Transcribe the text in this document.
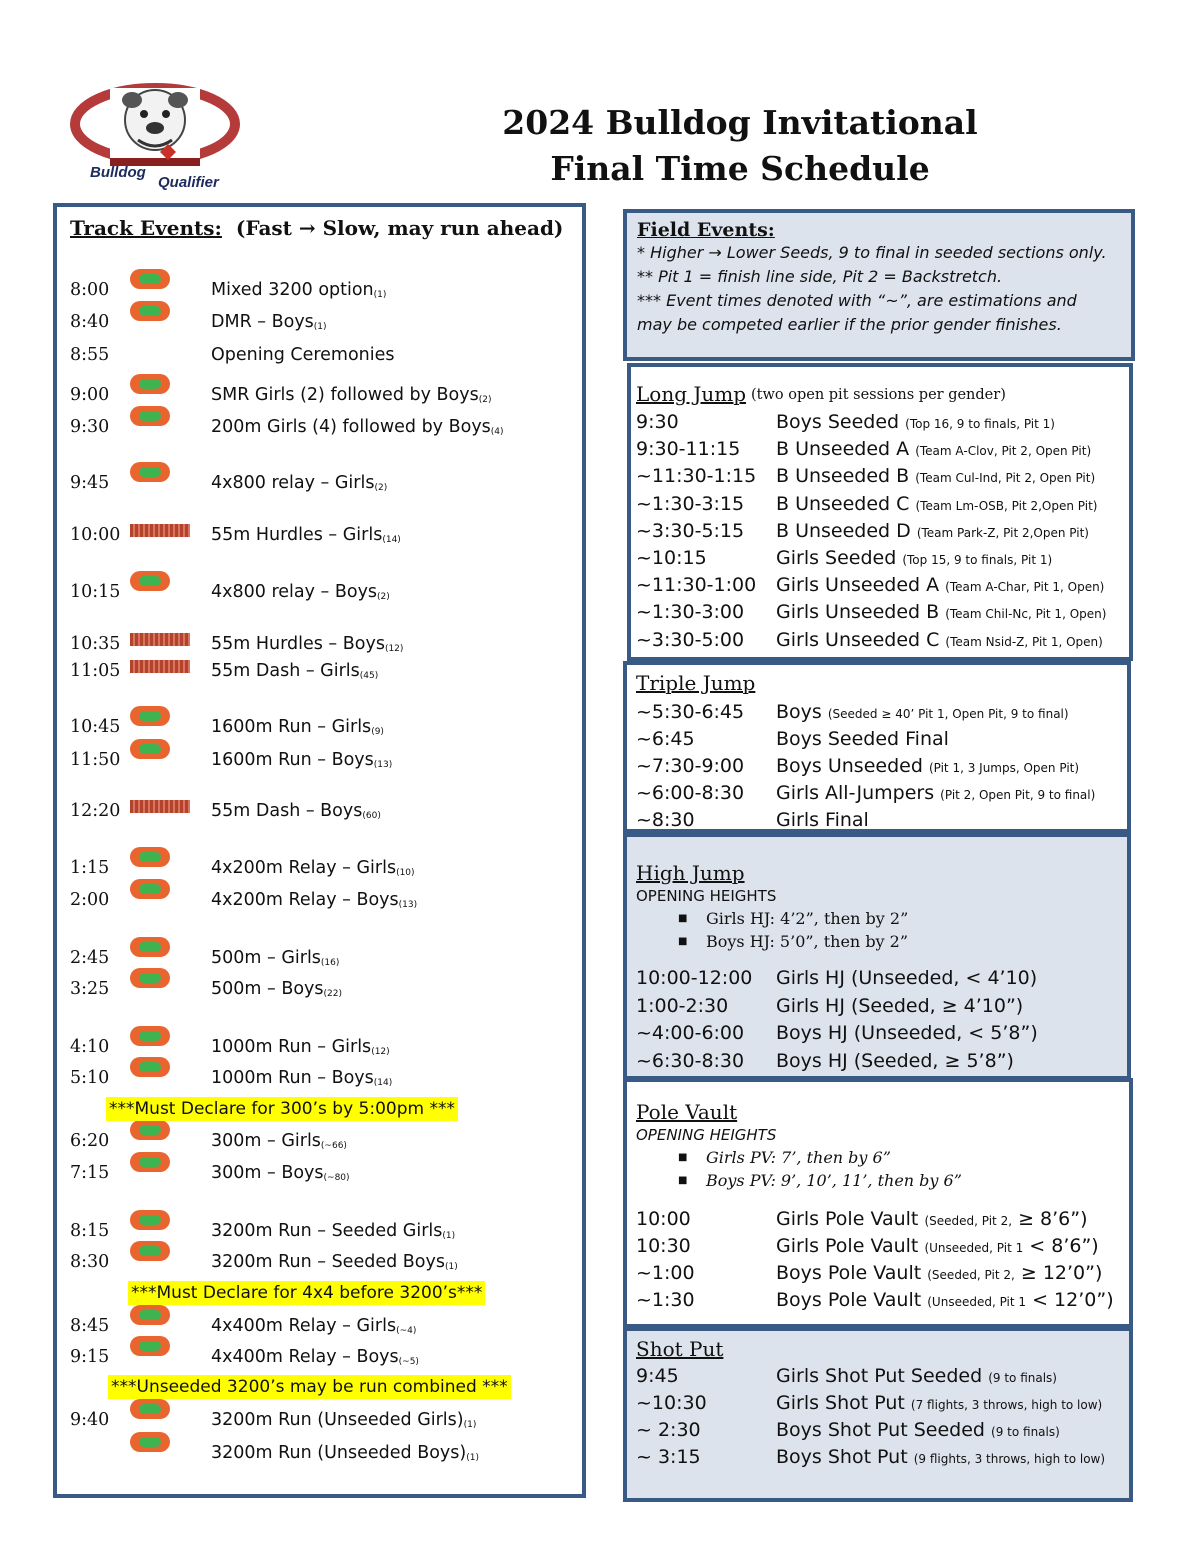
Bulldog
Qualifier
2024 Bulldog Invitational
Final Time Schedule
Track Events: (Fast → Slow, may run ahead)
8:00	Mixed 3200 option$_{(1)}$
8:40	DMR – Boys$_{(1)}$
8:55	Opening Ceremonies
9:00	SMR Girls (2) followed by Boys$_{(2)}$
9:30	200m Girls (4) followed by Boys$_{(4)}$
9:45	4x800 relay – Girls$_{(2)}$
10:00	55m Hurdles – Girls$_{(14)}$
10:15	4x800 relay – Boys$_{(2)}$
10:35	55m Hurdles – Boys$_{(12)}$
11:05	55m Dash – Girls$_{(45)}$
10:45	1600m Run – Girls$_{(9)}$
11:50	1600m Run – Boys$_{(13)}$
12:20	55m Dash – Boys$_{(60)}$
1:15	4x200m Relay – Girls$_{(10)}$
2:00	4x200m Relay – Boys$_{(13)}$
2:45	500m – Girls$_{(16)}$
3:25	500m – Boys$_{(22)}$
4:10	1000m Run – Girls$_{(12)}$
5:10	1000m Run – Boys$_{(14)}$
6:20	300m – Girls$_{(\sim 66)}$
7:15	300m – Boys$_{(\sim 80)}$
8:15	3200m Run – Seeded Girls$_{(1)}$
8:30	3200m Run – Seeded Boys$_{(1)}$
8:45	4x400m Relay – Girls$_{(\sim 4)}$
9:15	4x400m Relay – Boys$_{(\sim 5)}$
9:40	3200m Run (Unseeded $Girls)_{(1)}$
3200m Run (Unseeded $Boys)_{(1)}$
***Must Declare for 300’s by 5:00pm ***
***Must Declare for 4x4 before 3200’s***
***Unseeded 3200’s may be run combined ***
Field Events:
* Higher → Lower Seeds, 9 to final in seeded sections only.
** Pit 1 = finish line side, Pit 2 = Backstretch.
*** Event times denoted with “~”, are estimations and
may be competed earlier if the prior gender finishes.
Long Jump (two open pit sessions per gender)
9:30	Boys Seeded (Top 16, 9 to finals, Pit 1)
9:30-11:15 B Unseeded A (Team A-Clov, Pit 2, Open Pit)
~11:30-1:15 B Unseeded B (Team Cul-Ind, Pit 2, Open Pit)
~1:30-3:15 B Unseeded C (Team Lm-OSB, Pit 2,Open Pit)
~3:30-5:15 B Unseeded D (Team Park-Z, Pit 2,Open Pit)
~10:15	Girls Seeded (Top 15, 9 to finals, Pit 1)
~11:30-1:00 Girls Unseeded A (Team A-Char, Pit 1, Open)
~1:30-3:00 Girls Unseeded B (Team Chil-Nc, Pit 1, Open)
~3:30-5:00 Girls Unseeded C (Team Nsid-Z, Pit 1, Open)
Triple Jump
~5:30-6:45 Boys (Seeded ≥ 40’ Pit 1, Open Pit, 9 to final)
~6:45	Boys Seeded Final
~7:30-9:00 Boys Unseeded (Pit 1, 3 Jumps, Open Pit)
~6:00-8:30 Girls All-Jumpers (Pit 2, Open Pit, 9 to final)
~8:30	Girls Final
High Jump
OPENING HEIGHTS
■ Girls HJ: 4’2”, then by 2”
■ Boys HJ: 5’0”, then by 2”
10:00-12:00 Girls HJ (Unseeded, < 4’10)
1:00-2:30	Girls HJ (Seeded, ≥ 4’10”)
~4:00-6:00 Boys HJ (Unseeded, < 5’8”)
~6:30-8:30 Boys HJ (Seeded, ≥ 5’8”)
Pole Vault
OPENING HEIGHTS
■ Girls PV: 7’, then by 6”
■ Boys PV: 9’, 10’, 11’, then by 6”
10:00	Girls Pole Vault (Seeded, Pit 2, ≥ 8’6”)
10:30	Girls Pole Vault (Unseeded, Pit 1 < 8’6”)
~1:00	Boys Pole Vault (Seeded, Pit 2, ≥ 12’0”)
~1:30	Boys Pole Vault (Unseeded, Pit 1 < 12’0”)
Shot Put
9:45	Girls Shot Put Seeded (9 to finals)
~10:30	Girls Shot Put (7 flights, 3 throws, high to low)
~ 2:30	Boys Shot Put Seeded (9 to finals)
~ 3:15	Boys Shot Put (9 flights, 3 throws, high to low)
